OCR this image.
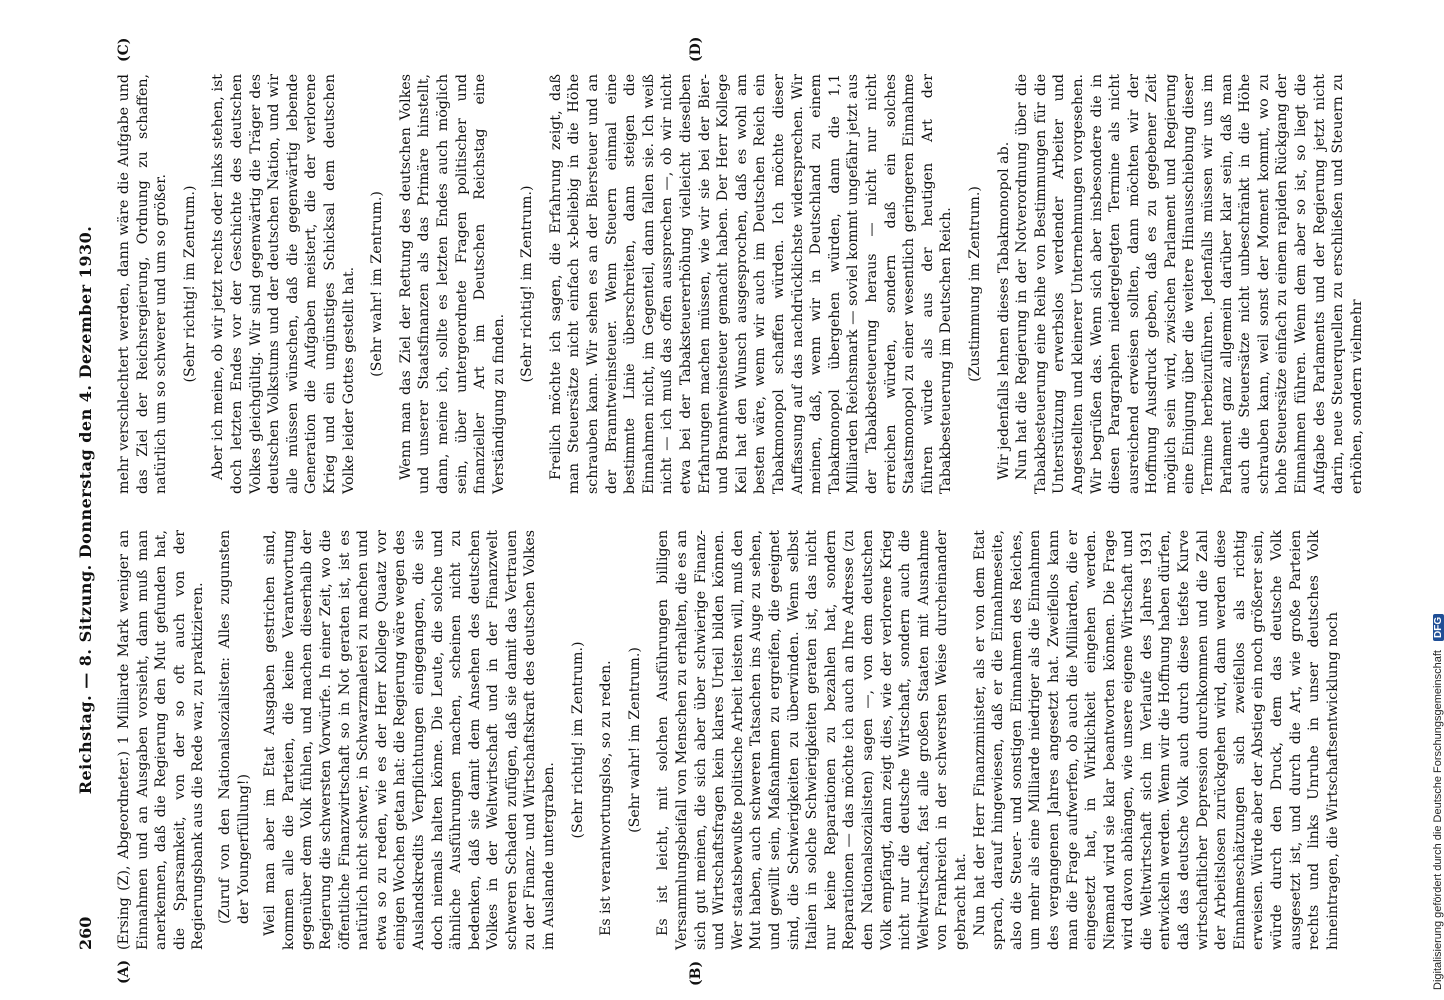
260
Reichstag. — 8. Sitzung. Donnerstag den 4. Dezember 1930.
(A)	(B)
(C)	(D)

(Ersing (Z), Abgeordneter.) 1 Milliarde Mark weniger an Einnahmen und an Ausgaben vorsieht, dann muß man anerkennen, daß die Regierung den Mut gefunden hat, die Sparsamkeit, von der so oft auch von der Regierungsbank aus die Rede war, zu praktizieren. (Zuruf von den Nationalsozialisten: Alles zugunsten der Youngerfüllung!) Weil man aber im Etat Ausgaben gestrichen sind, kommen alle die Parteien, die keine Verantwortung gegenüber dem Volk fühlen, und machen dieserhalb der Regierung die schwersten Vorwürfe. In einer Zeit, wo die öffentliche Finanzwirtschaft so in Not geraten ist, ist es natürlich nicht schwer, in Schwarzmalerei zu machen und etwa so zu reden, wie es der Herr Kollege Quaatz vor einigen Wochen getan hat: die Regierung wäre wegen des Auslandskredits Verpflichtungen eingegangen, die sie doch niemals halten könne. Die Leute, die solche und ähnliche Ausführungen machen, scheinen nicht zu bedenken, daß sie damit dem Ansehen des deutschen Volkes in der Weltwirtschaft und in der Finanzwelt schweren Schaden zufügen, daß sie damit das Vertrauen zu der Finanz- und Wirtschaftskraft des deutschen Volkes im Auslande untergraben.

(Sehr richtig! im Zentrum.) Es ist verantwortungslos, so zu reden. (Sehr wahr! im Zentrum.) Es ist leicht, mit solchen Ausführungen billigen Versammlungsbeifall von Menschen zu erhalten, die es an sich gut meinen, die sich aber über schwierige Finanz- und Wirtschaftsfragen kein klares Urteil bilden können. Wer staatsbewußte politische Arbeit leisten will, muß den Mut haben, auch schweren Tatsachen ins Auge zu sehen, und gewillt sein, Maßnahmen zu ergreifen, die geeignet sind, die Schwierigkeiten zu überwinden. Wenn selbst Italien in solche Schwierigkeiten geraten ist, das nicht nur keine Reparationen zu bezahlen hat, sondern Reparationen — das möchte ich auch an Ihre Adresse (zu den Nationalsozialisten) sagen —, von dem deutschen Volk empfängt, dann zeigt dies, wie der verlorene Krieg nicht nur die deutsche Wirtschaft, sondern auch die Weltwirtschaft, fast alle großen Staaten mit Ausnahme von Frankreich in der schwersten Weise durcheinander gebracht hat. Nun hat der Herr Finanzminister, als er von dem Etat sprach, darauf hingewiesen, daß er die Einnahmeseite, also die Steuer- und sonstigen Einnahmen des Reiches, um mehr als eine Milliarde niedriger als die Einnahmen des vergangenen Jahres angesetzt hat. Zweifellos kann man die Frage aufwerfen, ob auch die Milliarden, die er eingesetzt hat, in Wirklichkeit eingehen werden. Niemand wird sie klar beantworten können. Die Frage wird davon abhängen, wie unsere eigene Wirtschaft und die Weltwirtschaft sich im Verlaufe des Jahres 1931 entwickeln werden. Wenn wir die Hoffnung haben dürfen, daß das deutsche Volk auch durch diese tiefste Kurve wirtschaftlicher Depression durchkommen und die Zahl der Arbeitslosen zurückgehen wird, dann werden diese Einnahmeschätzungen sich zweifellos als richtig erweisen. Würde aber der Abstieg ein noch größerer sein, würde durch den Druck, dem das deutsche Volk ausgesetzt ist, und durch die Art, wie große Parteien rechts und links Unruhe in unser deutsches Volk hineintragen, die Wirtschaftsentwicklung noch

mehr verschlechtert werden, dann wäre die Aufgabe und das Ziel der Reichsregierung, Ordnung zu schaffen, natürlich um so schwerer und um so größer. (Sehr richtig! im Zentrum.) Aber ich meine, ob wir jetzt rechts oder links stehen, ist doch letzten Endes vor der Geschichte des deutschen Volkes gleichgültig. Wir sind gegenwärtig die Träger des deutschen Volkstums und der deutschen Nation, und wir alle müssen wünschen, daß die gegenwärtig lebende Generation die Aufgaben meistert, die der verlorene Krieg und ein ungünstiges Schicksal dem deutschen Volke leider Gottes gestellt hat. (Sehr wahr! im Zentrum.) Wenn man das Ziel der Rettung des deutschen Volkes und unserer Staatsfinanzen als das Primäre hinstellt, dann, meine ich, sollte es letzten Endes auch möglich sein, über untergeordnete Fragen politischer und finanzieller Art im Deutschen Reichstag eine Verständigung zu finden.

(Sehr richtig! im Zentrum.) Freilich möchte ich sagen, die Erfahrung zeigt, daß man Steuersätze nicht einfach x-beliebig in die Höhe schrauben kann. Wir sehen es an der Biersteuer und an der Branntweinsteuer. Wenn Steuern einmal eine bestimmte Linie überschreiten, dann steigen die Einnahmen nicht, im Gegenteil, dann fallen sie. Ich weiß nicht — ich muß das offen aussprechen —, ob wir nicht etwa bei der Tabaksteuererhöhung vielleicht dieselben Erfahrungen machen müssen, wie wir sie bei der Bier- und Branntweinsteuer gemacht haben. Der Herr Kollege Keil hat den Wunsch ausgesprochen, daß es wohl am besten wäre, wenn wir auch im Deutschen Reich ein Tabakmonopol schaffen würden. Ich möchte dieser Auffassung auf das nachdrücklichste widersprechen. Wir meinen, daß, wenn wir in Deutschland zu einem Tabakmonopol übergehen würden, dann die 1,1 Milliarden Reichsmark — soviel kommt ungefähr jetzt aus der Tabakbesteuerung heraus — nicht nur nicht erreichen würden, sondern daß ein solches Staatsmonopol zu einer wesentlich geringeren Einnahme führen würde als aus der heutigen Art der Tabakbesteuerung im Deutschen Reich. (Zustimmung im Zentrum.) Wir jedenfalls lehnen dieses Tabakmonopol ab. Nun hat die Regierung in der Notverordnung über die Tabakbesteuerung eine Reihe von Bestimmungen für die Unterstützung erwerbslos werdender Arbeiter und Angestellten und kleinerer Unternehmungen vorgesehen. Wir begrüßen das. Wenn sich aber insbesondere die in diesen Paragraphen niedergelegten Termine als nicht ausreichend erweisen sollten, dann möchten wir der Hoffnung Ausdruck geben, daß es zu gegebener Zeit möglich sein wird, zwischen Parlament und Regierung eine Einigung über die weitere Hinausschiebung dieser Termine herbeizuführen. Jedenfalls müssen wir uns im Parlament ganz allgemein darüber klar sein, daß man auch die Steuersätze nicht unbeschränkt in die Höhe schrauben kann, weil sonst der Moment kommt, wo zu hohe Steuersätze einfach zu einem rapiden Rückgang der Einnahmen führen. Wenn dem aber so ist, so liegt die Aufgabe des Parlaments und der Regierung jetzt nicht darin, neue Steuerquellen zu erschließen und Steuern zu erhöhen, sondern vielmehr

Digitalisierung gefördert durch die Deutsche Forschungsgemeinschaft DFG
